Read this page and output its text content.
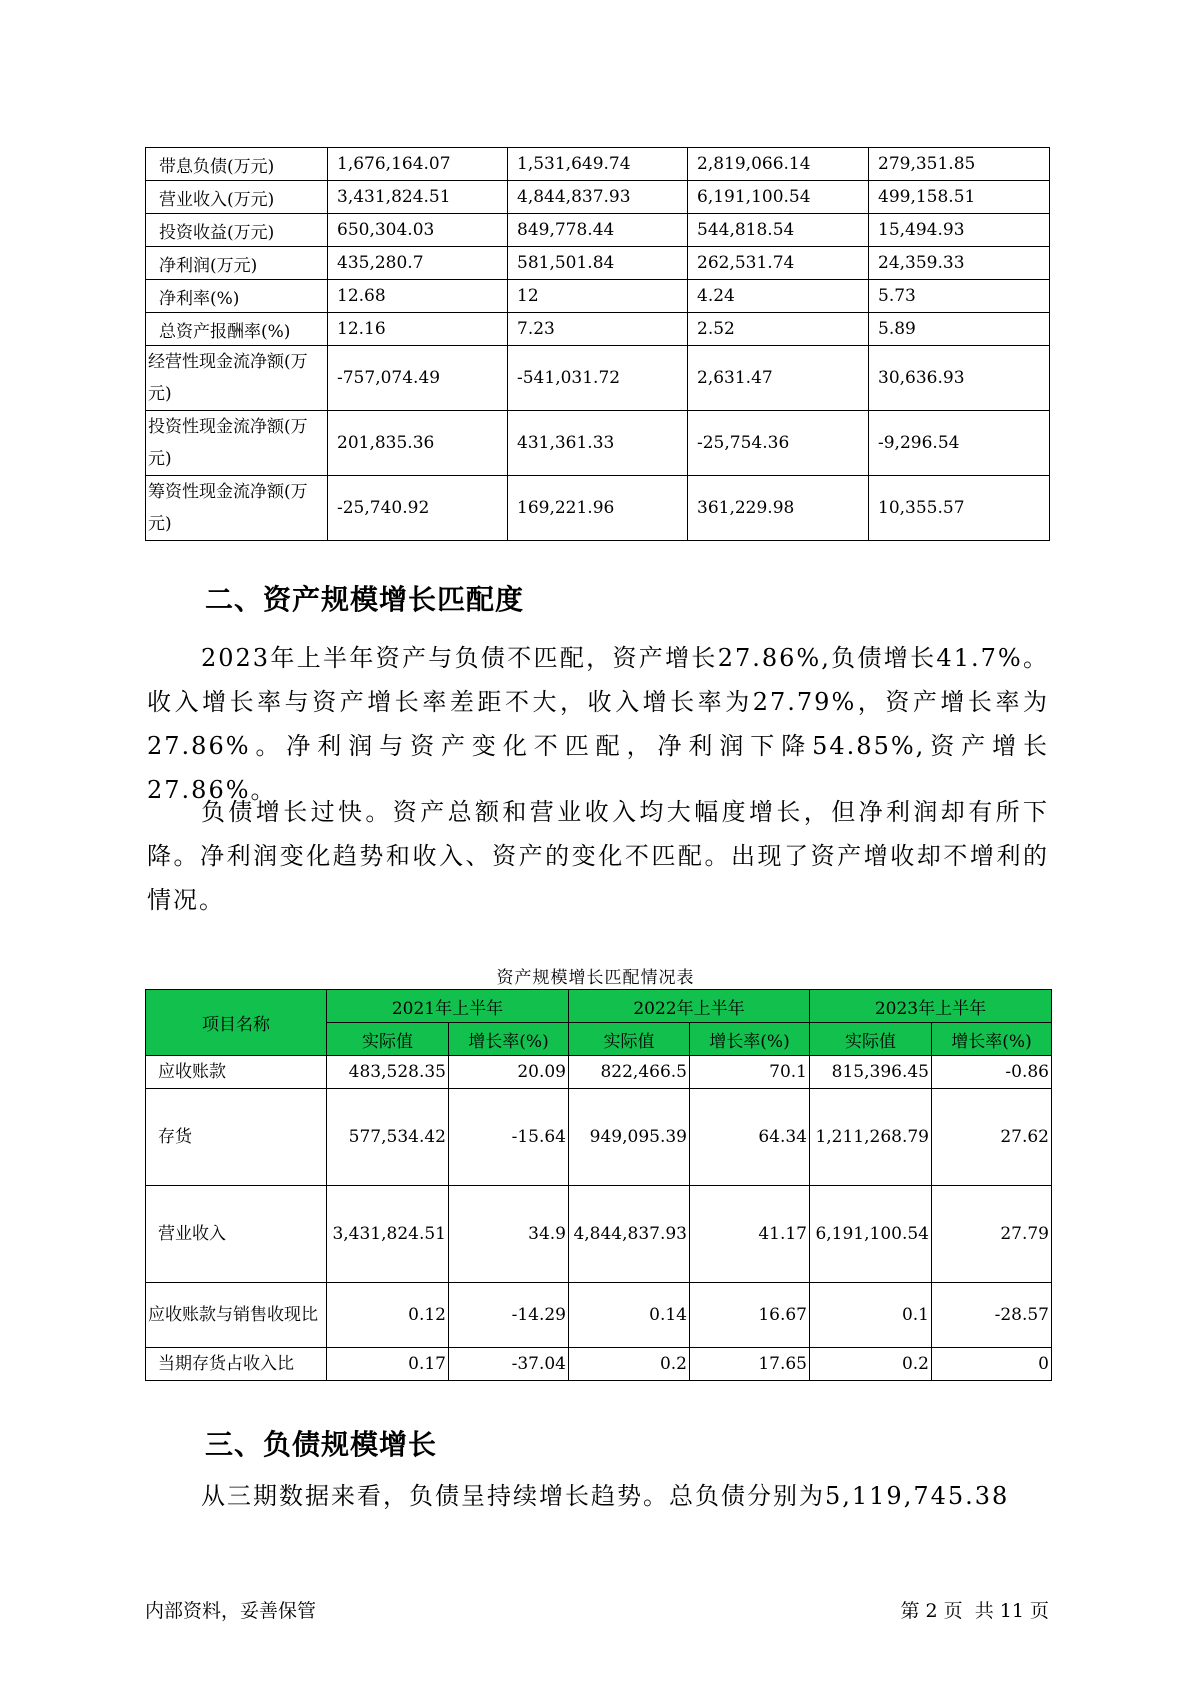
带息负债(万元)	1,676,164.07	1,531,649.74	2,819,066.14	279,351.85
营业收入(万元)	3,431,824.51	4,844,837.93	6,191,100.54	499,158.51
投资收益(万元)	650,304.03	849,778.44	544,818.54	15,494.93
净利润(万元)	435,280.7	581,501.84	262,531.74	24,359.33
净利率(%)	12.68	12	4.24	5.73
总资产报酬率(%)	12.16	7.23	2.52	5.89
经营性现金流净额(万元)	-757,074.49	-541,031.72	2,631.47	30,636.93
投资性现金流净额(万元)	201,835.36	431,361.33	-25,754.36	-9,296.54
筹资性现金流净额(万元)	-25,740.92	169,221.96	361,229.98	10,355.57
二、资产规模增长匹配度

2023年上半年资产与负债不匹配，资产增长27.86%,负债增长41.7%。收入增长率与资产增长率差距不大，收入增长率为27.79%，资产增长率为27.86%。净利润与资产变化不匹配，净利润下降54.85%,资产增长27.86%。

负债增长过快。资产总额和营业收入均大幅度增长，但净利润却有所下降。净利润变化趋势和收入、资产的变化不匹配。出现了资产增收却不增利的情况。

资产规模增长匹配情况表
项目名称	2021年上半年		2022年上半年		2023年上半年	
	实际值	增长率(%)	实际值	增长率(%)	实际值	增长率(%)
应收账款	483,528.35	20.09	822,466.5	70.1	815,396.45	-0.86
存货	577,534.42	-15.64	949,095.39	64.34	1,211,268.79	27.62
营业收入	3,431,824.51	34.9	4,844,837.93	41.17	6,191,100.54	27.79
应收账款与销售收现比	0.12	-14.29	0.14	16.67	0.1	-28.57
当期存货占收入比	0.17	-37.04	0.2	17.65	0.2	0
三、负债规模增长

从三期数据来看，负债呈持续增长趋势。总负债分别为5,119,745.38

内部资料，妥善保管	第 2 页  共 11 页
